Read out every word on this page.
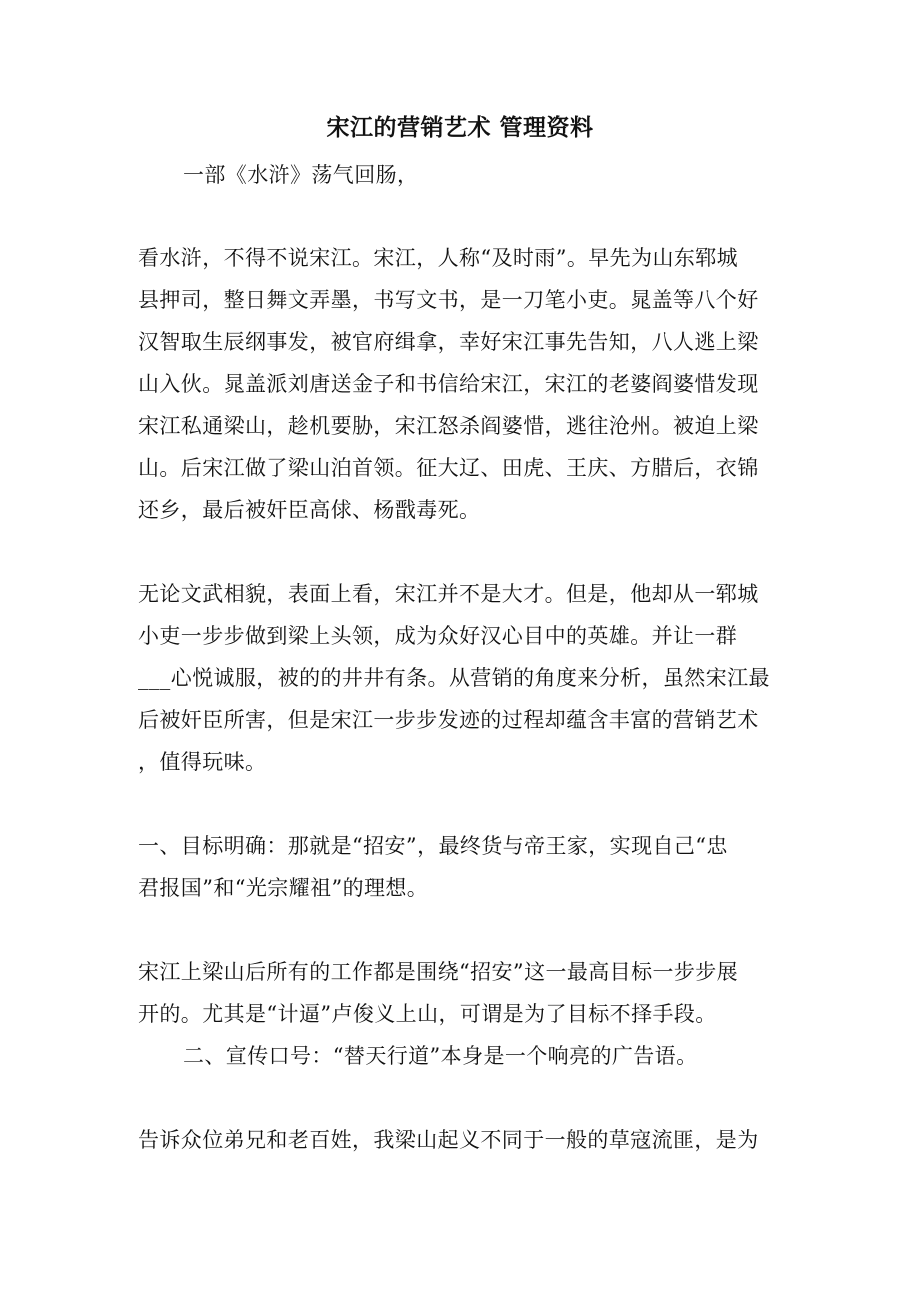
宋江的营销艺术 管理资料
一部《水浒》荡气回肠，
看水浒，不得不说宋江。宋江，人称“及时雨”。早先为山东郓城
县押司，整日舞文弄墨，书写文书，是一刀笔小吏。晁盖等八个好
汉智取生辰纲事发，被官府缉拿，幸好宋江事先告知，八人逃上梁
山入伙。晁盖派刘唐送金子和书信给宋江，宋江的老婆阎婆惜发现
宋江私通梁山，趁机要胁，宋江怒杀阎婆惜，逃往沧州。被迫上梁
山。后宋江做了梁山泊首领。征大辽、田虎、王庆、方腊后，衣锦
还乡，最后被奸臣高俅、杨戬毒死。
无论文武相貌，表面上看，宋江并不是大才。但是，他却从一郓城
小吏一步步做到梁上头领，成为众好汉心目中的英雄。并让一群
___心悦诚服，被的的井井有条。从营销的角度来分析，虽然宋江最
后被奸臣所害，但是宋江一步步发迹的过程却蕴含丰富的营销艺术
，值得玩味。
一、目标明确：那就是“招安”，最终货与帝王家，实现自己“忠
君报国”和“光宗耀祖”的理想。
宋江上梁山后所有的工作都是围绕“招安”这一最高目标一步步展
开的。尤其是“计逼”卢俊义上山，可谓是为了目标不择手段。
二、宣传口号：“替天行道”本身是一个响亮的广告语。
告诉众位弟兄和老百姓，我梁山起义不同于一般的草寇流匪，是为
